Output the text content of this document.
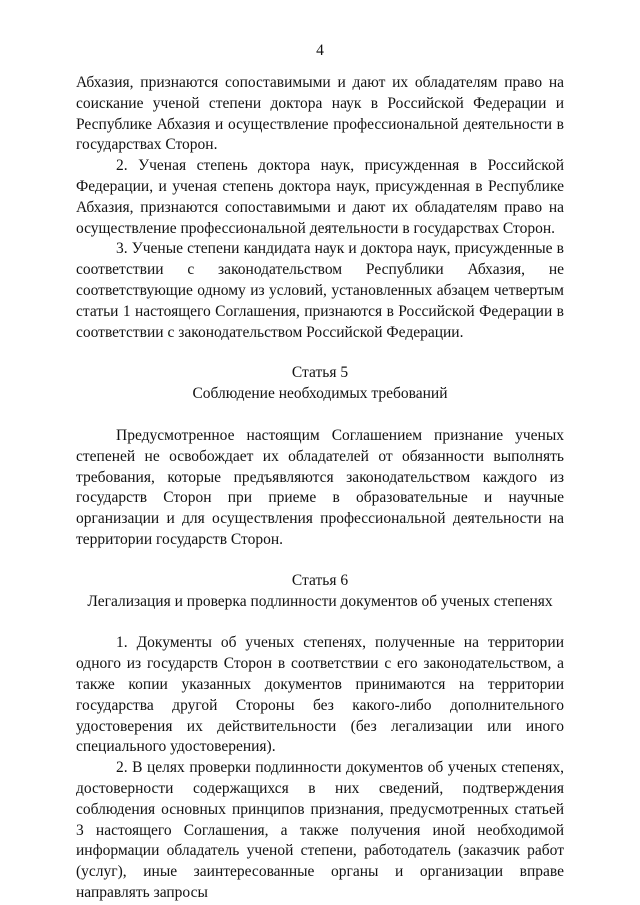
4

Абхазия, признаются сопоставимыми и дают их обладателям право на соискание ученой степени доктора наук в Российской Федерации и Республике Абхазия и осуществление профессиональной деятельности в государствах Сторон.

2. Ученая степень доктора наук, присужденная в Российской Федерации, и ученая степень доктора наук, присужденная в Республике Абхазия, признаются сопоставимыми и дают их обладателям право на осуществление профессиональной деятельности в государствах Сторон.

3. Ученые степени кандидата наук и доктора наук, присужденные в соответствии с законодательством Республики Абхазия, не соответствующие одному из условий, установленных абзацем четвертым статьи 1 настоящего Соглашения, признаются в Российской Федерации в соответствии с законодательством Российской Федерации.

Статья 5

Соблюдение необходимых требований

Предусмотренное настоящим Соглашением признание ученых степеней не освобождает их обладателей от обязанности выполнять требования, которые предъявляются законодательством каждого из государств Сторон при приеме в образовательные и научные организации и для осуществления профессиональной деятельности на территории государств Сторон.

Статья 6

Легализация и проверка подлинности документов об ученых степенях

1. Документы об ученых степенях, полученные на территории одного из государств Сторон в соответствии с его законодательством, а также копии указанных документов принимаются на территории государства другой Стороны без какого-либо дополнительного удостоверения их действительности (без легализации или иного специального удостоверения).

2. В целях проверки подлинности документов об ученых степенях, достоверности содержащихся в них сведений, подтверждения соблюдения основных принципов признания, предусмотренных статьей 3 настоящего Соглашения, а также получения иной необходимой информации обладатель ученой степени, работодатель (заказчик работ (услуг), иные заинтересованные органы и организации вправе направлять запросы
